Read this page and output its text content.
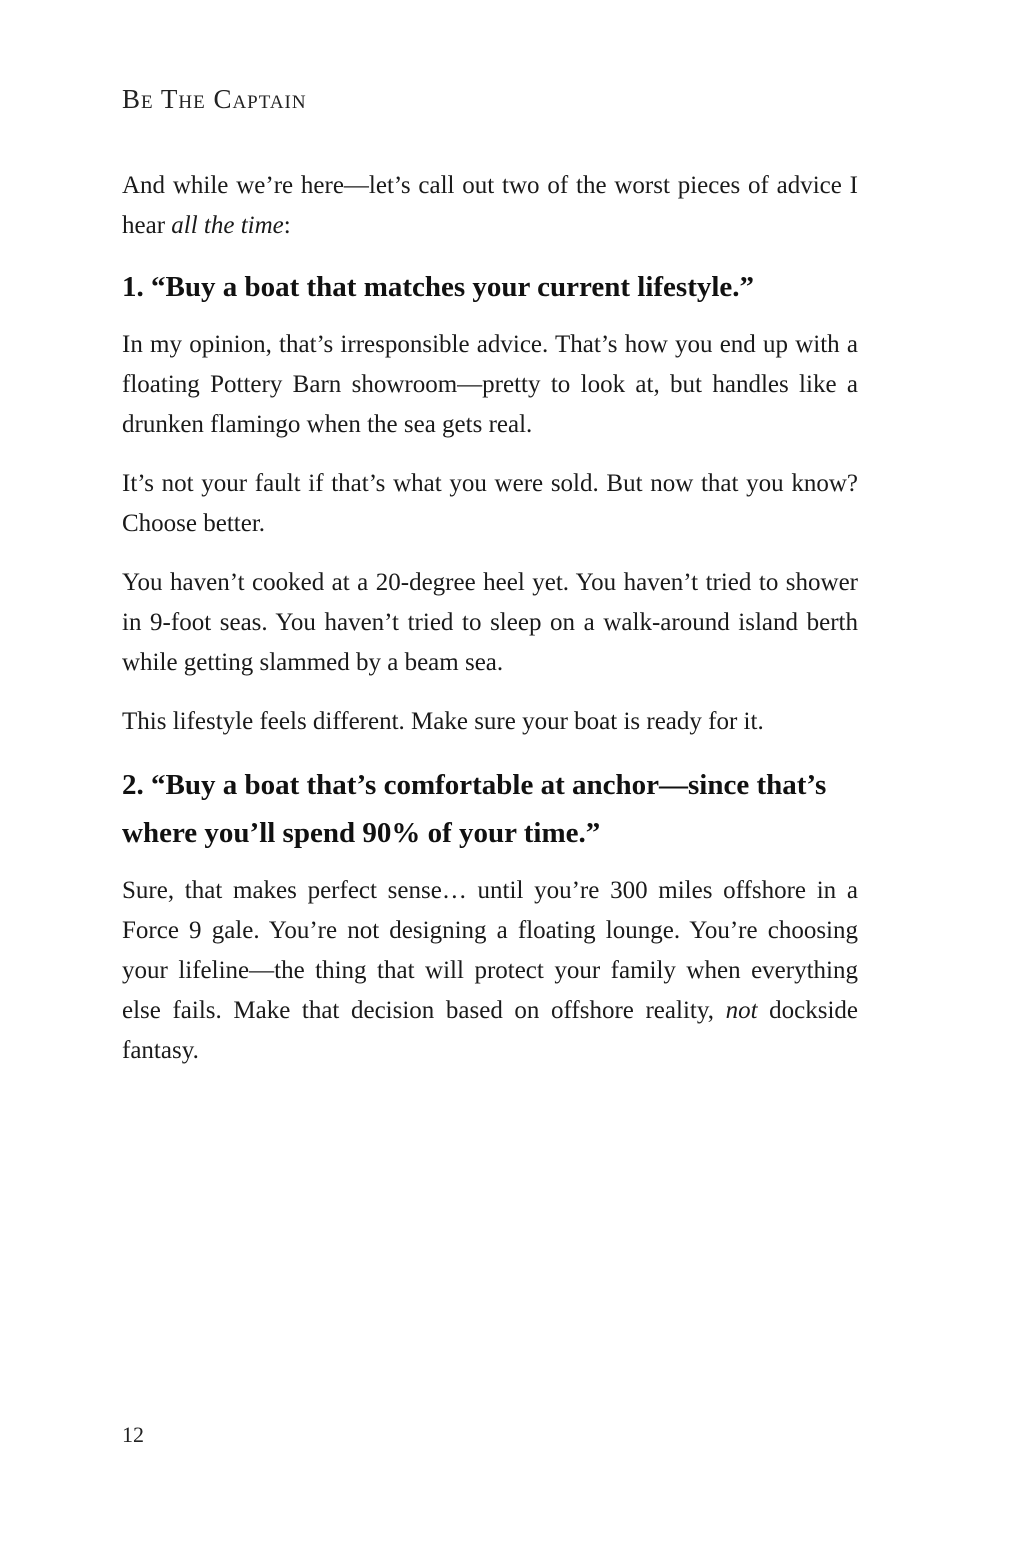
Be The Captain

And while we’re here—let’s call out two of the worst pieces of advice I hear all the time:

1. “Buy a boat that matches your current lifestyle.”

In my opinion, that’s irresponsible advice. That’s how you end up with a floating Pottery Barn showroom—pretty to look at, but handles like a drunken flamingo when the sea gets real.

It’s not your fault if that’s what you were sold. But now that you know? Choose better.

You haven’t cooked at a 20-degree heel yet. You haven’t tried to shower in 9-foot seas. You haven’t tried to sleep on a walk-around island berth while getting slammed by a beam sea.

This lifestyle feels different. Make sure your boat is ready for it.

2. “Buy a boat that’s comfortable at anchor—since that’s where you’ll spend 90% of your time.”

Sure, that makes perfect sense… until you’re 300 miles offshore in a Force 9 gale. You’re not designing a floating lounge. You’re choosing your lifeline—the thing that will protect your family when everything else fails. Make that decision based on offshore reality, not dockside fantasy.

12
